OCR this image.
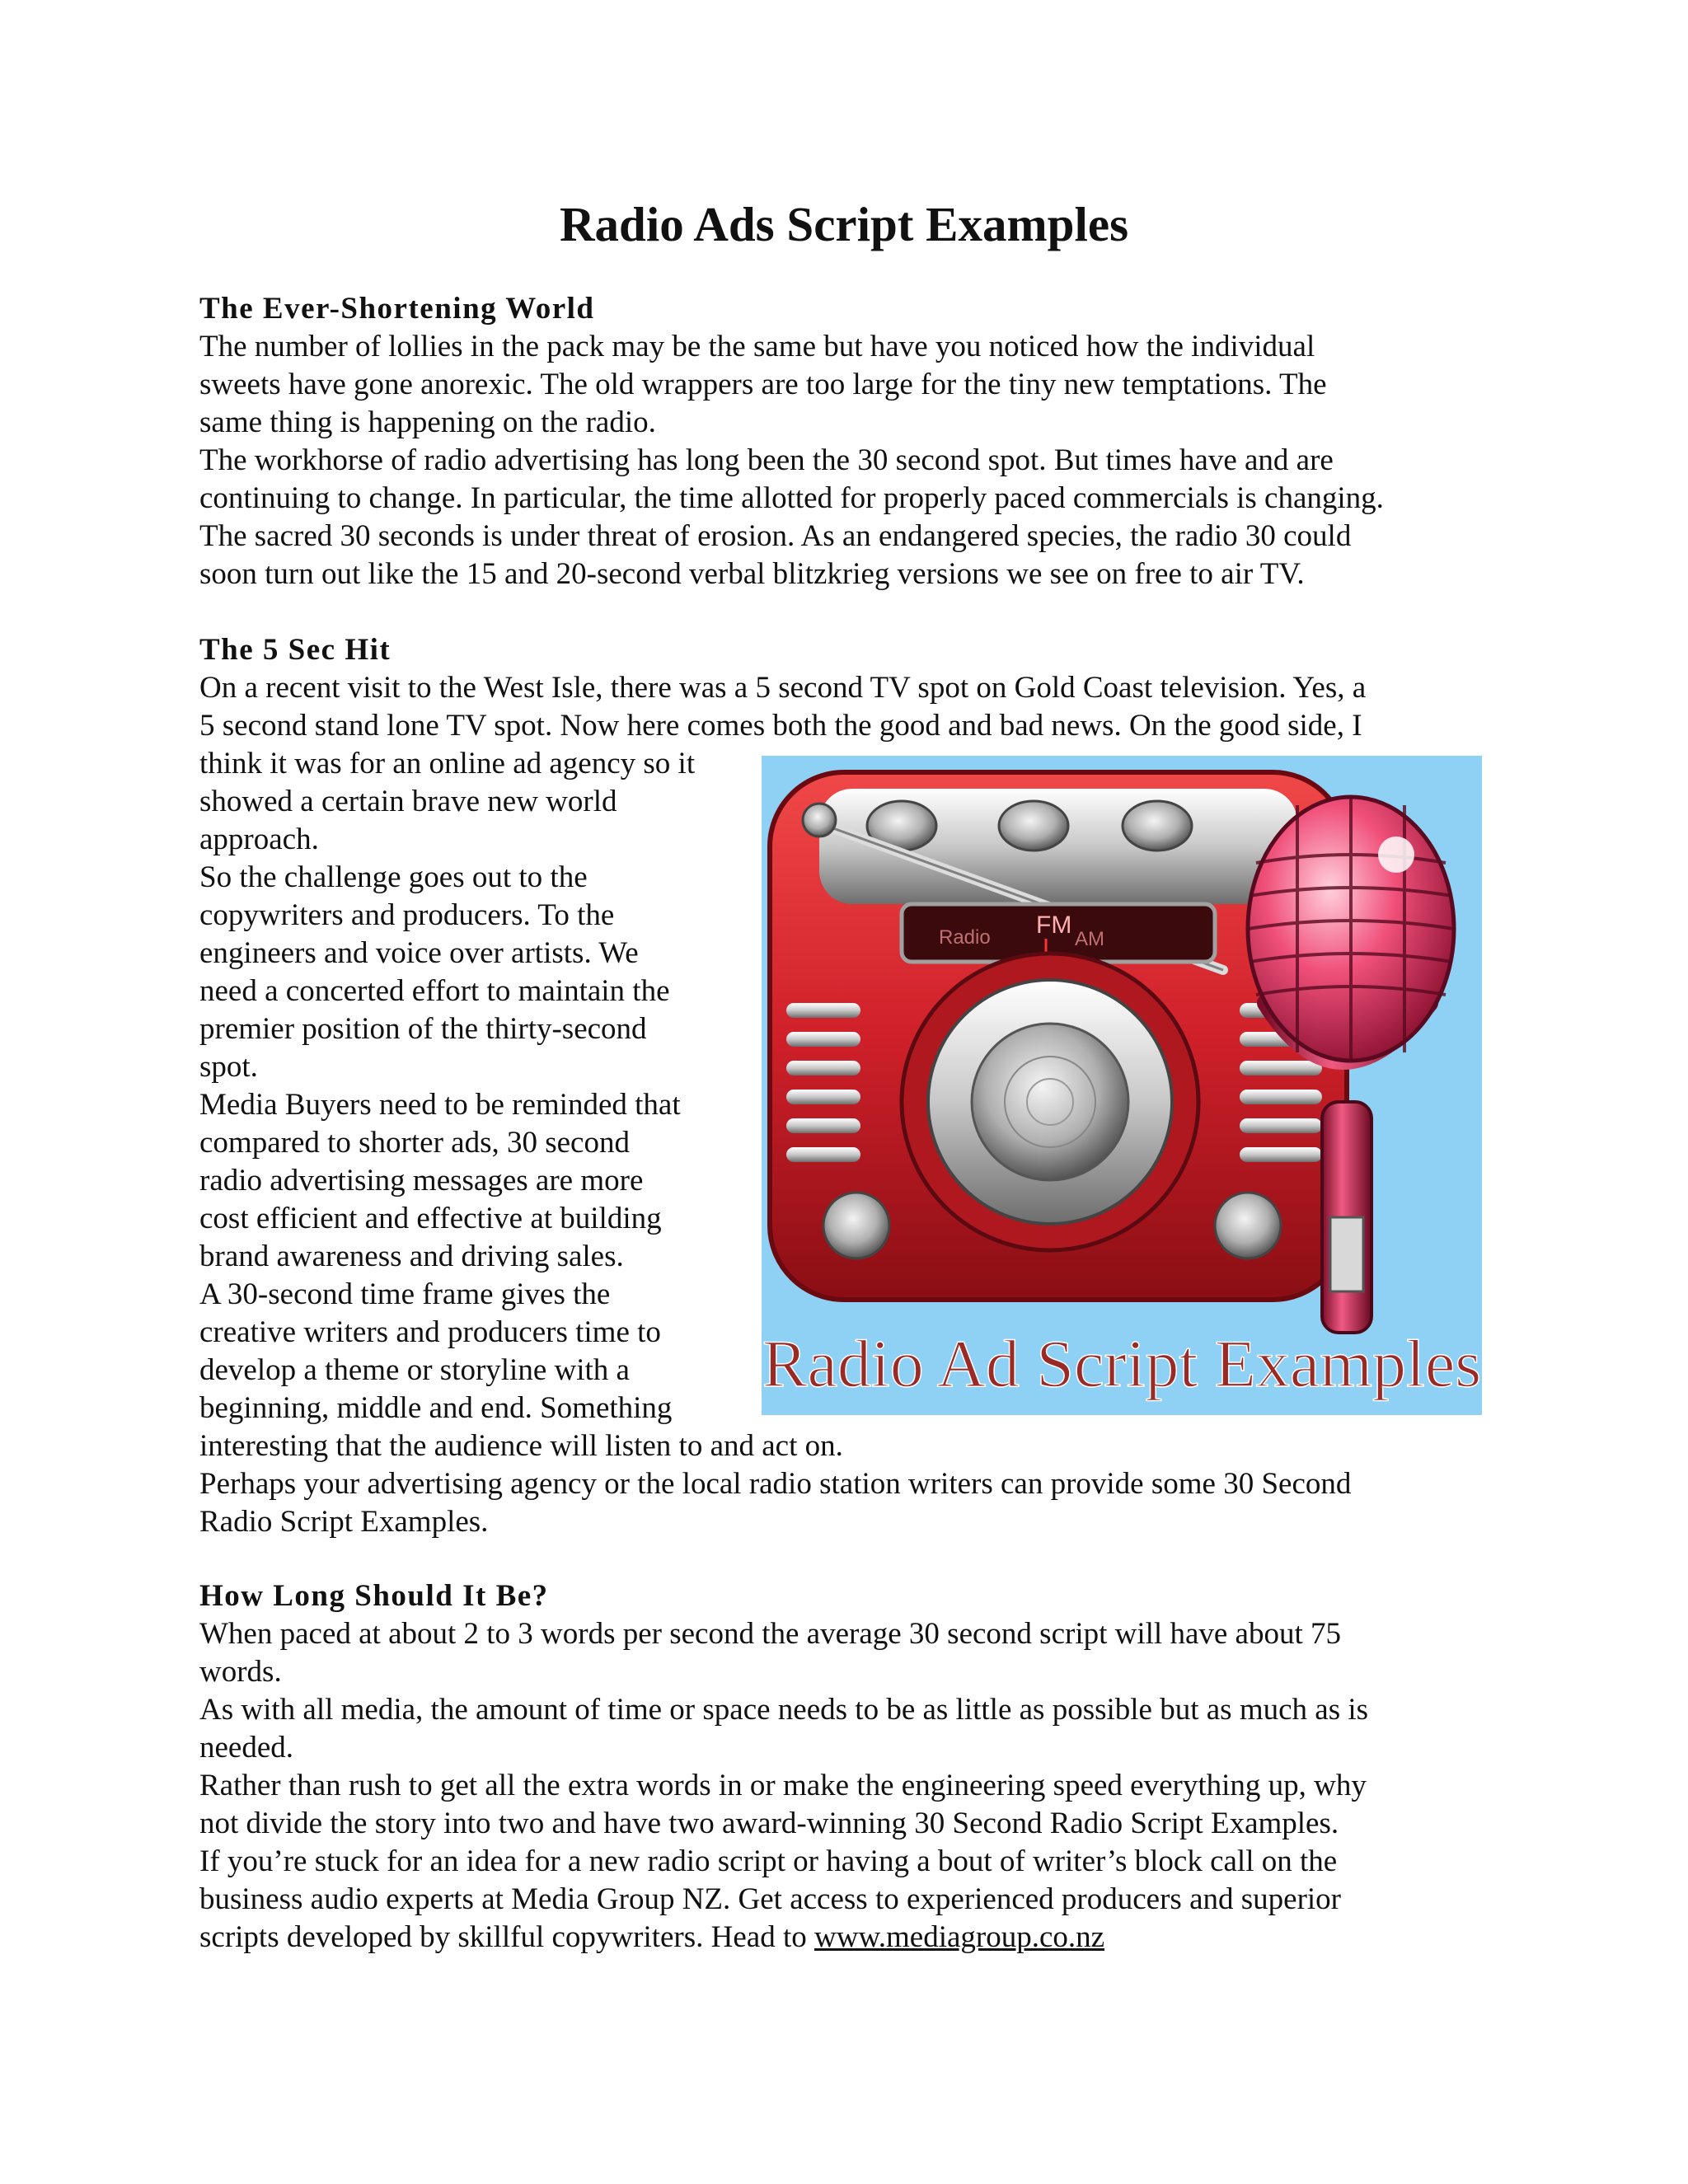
Radio Ads Script Examples
The Ever-Shortening World
The number of lollies in the pack may be the same but have you noticed how the individual
sweets have gone anorexic. The old wrappers are too large for the tiny new temptations. The
same thing is happening on the radio.
The workhorse of radio advertising has long been the 30 second spot. But times have and are
continuing to change. In particular, the time allotted for properly paced commercials is changing.
The sacred 30 seconds is under threat of erosion. As an endangered species, the radio 30 could
soon turn out like the 15 and 20-second verbal blitzkrieg versions we see on free to air TV.
The 5 Sec Hit
On a recent visit to the West Isle, there was a 5 second TV spot on Gold Coast television. Yes, a
5 second stand lone TV spot. Now here comes both the good and bad news. On the good side, I
think it was for an online ad agency so it
showed a certain brave new world
approach.
So the challenge goes out to the
copywriters and producers. To the
engineers and voice over artists. We
need a concerted effort to maintain the
premier position of the thirty-second
spot.
Media Buyers need to be reminded that
compared to shorter ads, 30 second
radio advertising messages are more
cost efficient and effective at building
brand awareness and driving sales.
A 30-second time frame gives the
creative writers and producers time to
develop a theme or storyline with a
beginning, middle and end. Something
interesting that the audience will listen to and act on.
Perhaps your advertising agency or the local radio station writers can provide some 30 Second
Radio Script Examples.
Radio FM
AM
Radio Ad Script Examples
How Long Should It Be?
When paced at about 2 to 3 words per second the average 30 second script will have about 75
words.
As with all media, the amount of time or space needs to be as little as possible but as much as is
needed.
Rather than rush to get all the extra words in or make the engineering speed everything up, why
not divide the story into two and have two award-winning 30 Second Radio Script Examples.
If you’re stuck for an idea for a new radio script or having a bout of writer’s block call on the
business audio experts at Media Group NZ. Get access to experienced producers and superior
scripts developed by skillful copywriters. Head to www.mediagroup.co.nz
